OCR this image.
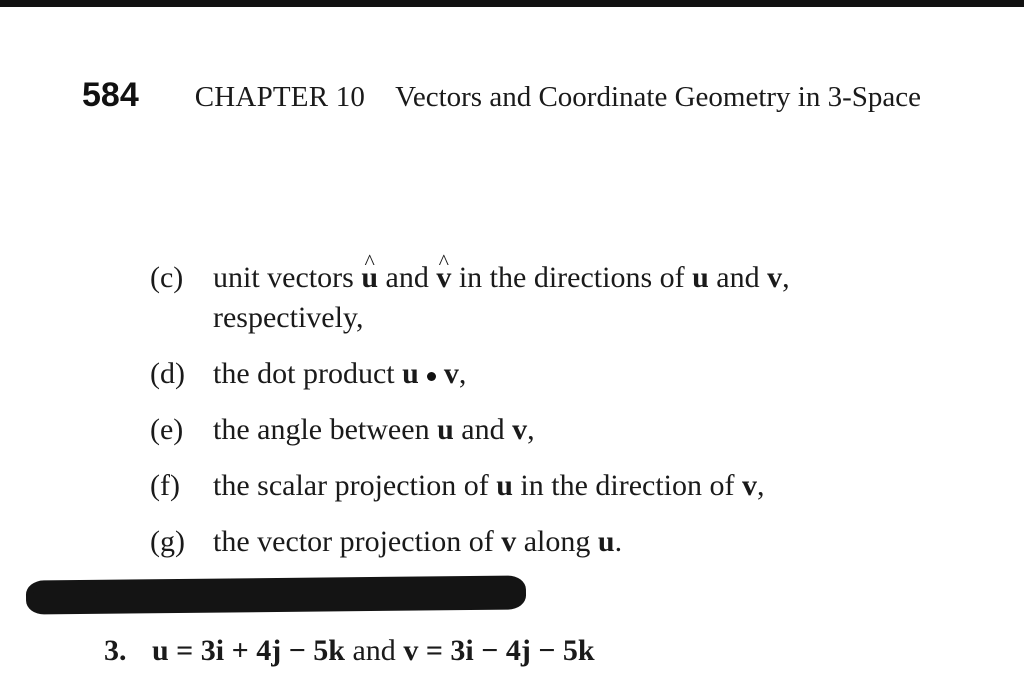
584 CHAPTER 10 Vectors and Coordinate Geometry in 3-Space
(c) unit vectors ^ u and ^ v in the directions of u and v,
respectively,
(d) the dot product u v,
(e) the angle between u and v,
(f) the scalar projection of u in the direction of v,
(g) the vector projection of v along u.
3. u = 3i + 4j − 5k and v = 3i − 4j − 5k
